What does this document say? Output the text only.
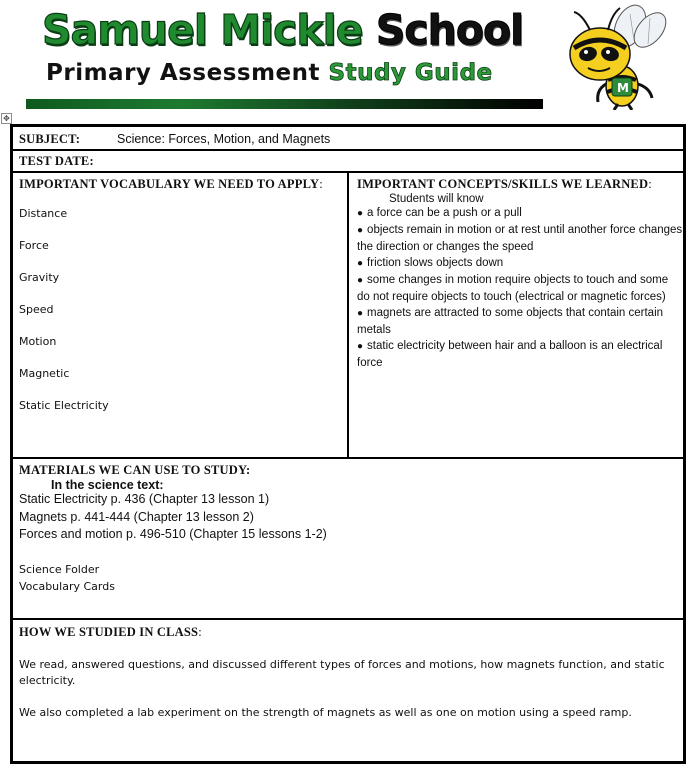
Samuel Mickle School
Primary Assessment Study Guide
M
✥
SUBJECT:	Science: Forces, Motion, and Magnets
TEST DATE:
IMPORTANT VOCABULARY WE NEED TO APPLY:
Distance
Force
Gravity
Speed
Motion
Magnetic
Static Electricity
IMPORTANT CONCEPTS/SKILLS WE LEARNED:
Students will know
● a force can be a push or a pull
● objects remain in motion or at rest until another force changes the direction or changes the speed
● friction slows objects down
● some changes in motion require objects to touch and some do not require objects to touch (electrical or magnetic forces)
● magnets are attracted to some objects that contain certain metals
● static electricity between hair and a balloon is an electrical force
MATERIALS WE CAN USE TO STUDY:
In the science text:
Static Electricity p. 436 (Chapter 13 lesson 1)
Magnets p. 441-444 (Chapter 13 lesson 2)
Forces and motion p. 496-510 (Chapter 15 lessons 1-2)
Science Folder
Vocabulary Cards
HOW WE STUDIED IN CLASS:
We read, answered questions, and discussed different types of forces and motions, how magnets function, and static electricity.
We also completed a lab experiment on the strength of magnets as well as one on motion using a speed ramp.
